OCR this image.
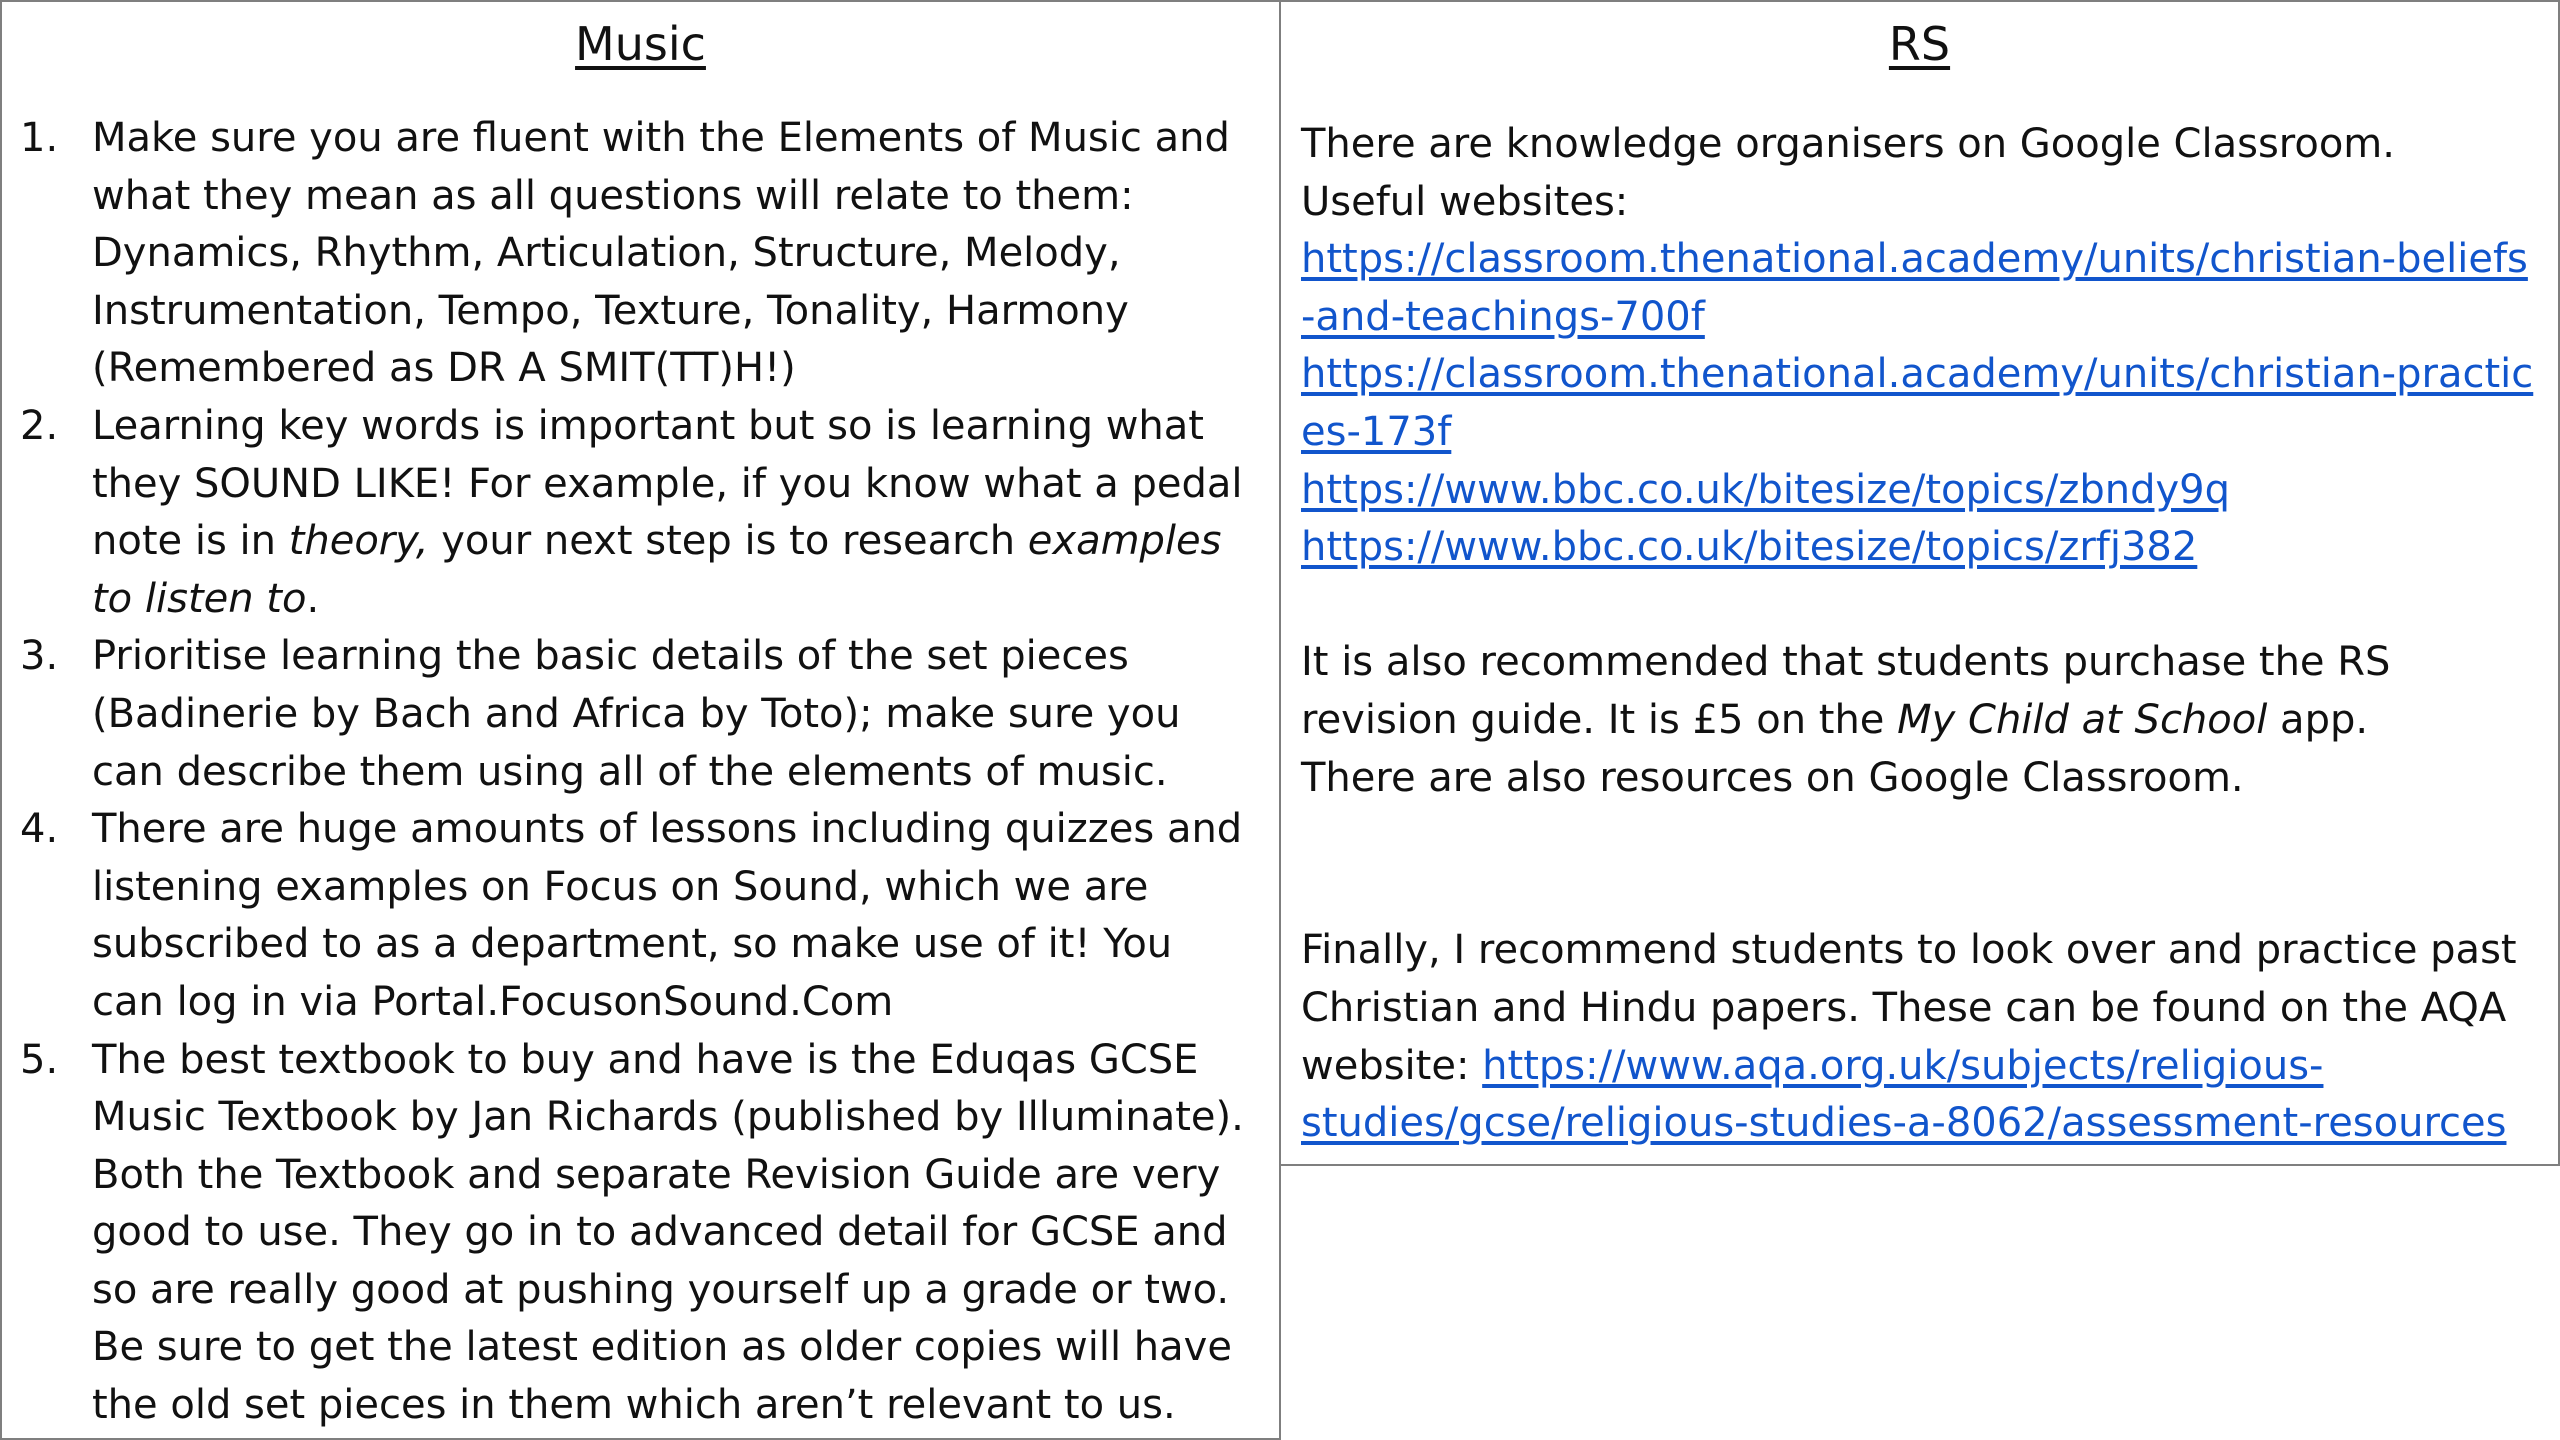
Music
1. Make sure you are fluent with the Elements of Music and what they mean as all questions will relate to them: Dynamics, Rhythm, Articulation, Structure, Melody, Instrumentation, Tempo, Texture, Tonality, Harmony (Remembered as DR A SMIT(TT)H!)
2. Learning key words is important but so is learning what they SOUND LIKE! For example, if you know what a pedal note is in theory, your next step is to research examples to listen to.
3. Prioritise learning the basic details of the set pieces (Badinerie by Bach and Africa by Toto); make sure you can describe them using all of the elements of music.
4. There are huge amounts of lessons including quizzes and listening examples on Focus on Sound, which we are subscribed to as a department, so make use of it! You can log in via Portal.FocusonSound.Com
5. The best textbook to buy and have is the Eduqas GCSE Music Textbook by Jan Richards (published by Illuminate). Both the Textbook and separate Revision Guide are very good to use. They go in to advanced detail for GCSE and so are really good at pushing yourself up a grade or two. Be sure to get the latest edition as older copies will have the old set pieces in them which aren’t relevant to us.
RS

There are knowledge organisers on Google Classroom.

Useful websites:

https://classroom.thenational.academy/units/christian-beliefs-and-teachings-700f

https://classroom.thenational.academy/units/christian-practices-173f

https://www.bbc.co.uk/bitesize/topics/zbndy9q

https://www.bbc.co.uk/bitesize/topics/zrfj382

It is also recommended that students purchase the RS revision guide. It is £5 on the My Child at School app.

There are also resources on Google Classroom.

Finally, I recommend students to look over and practice past Christian and Hindu papers. These can be found on the AQA website: https://www.aqa.org.uk/subjects/religious-studies/gcse/religious-studies-a-8062/assessment-resources
